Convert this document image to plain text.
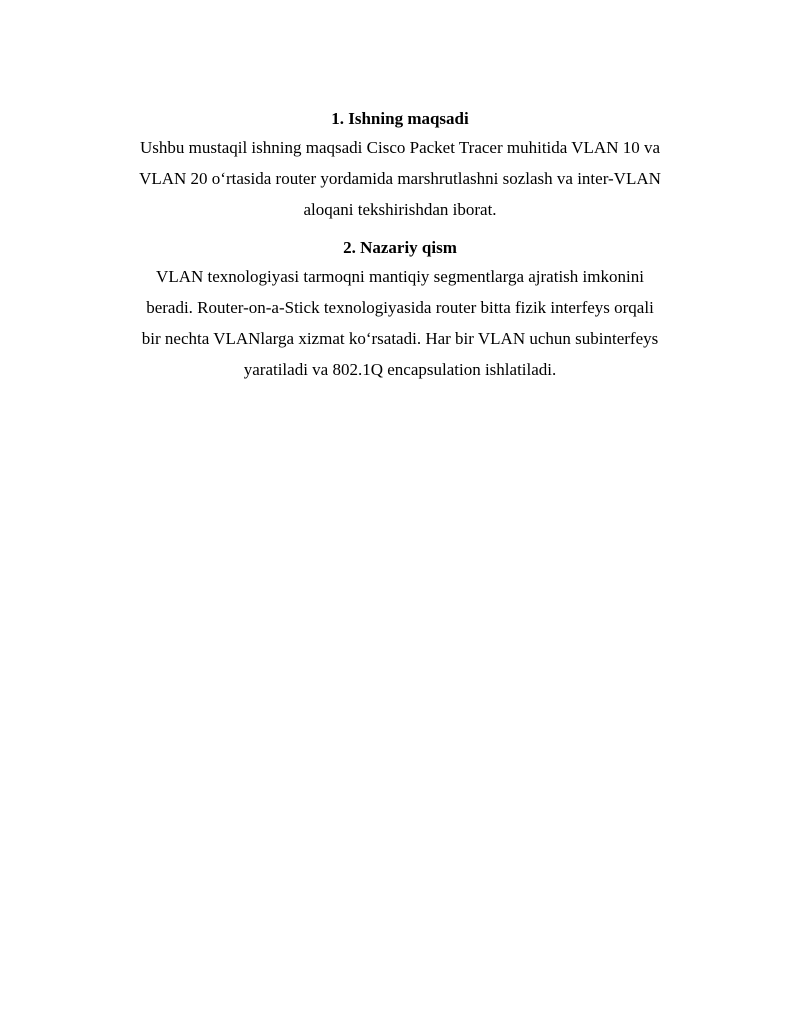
1. Ishning maqsadi

Ushbu mustaqil ishning maqsadi Cisco Packet Tracer muhitida VLAN 10 va
VLAN 20 o‘rtasida router yordamida marshrutlashni sozlash va inter-VLAN
aloqani tekshirishdan iborat.

2. Nazariy qism

VLAN texnologiyasi tarmoqni mantiqiy segmentlarga ajratish imkonini
beradi. Router-on-a-Stick texnologiyasida router bitta fizik interfeys orqali
bir nechta VLANlarga xizmat ko‘rsatadi. Har bir VLAN uchun subinterfeys
yaratiladi va 802.1Q encapsulation ishlatiladi.
